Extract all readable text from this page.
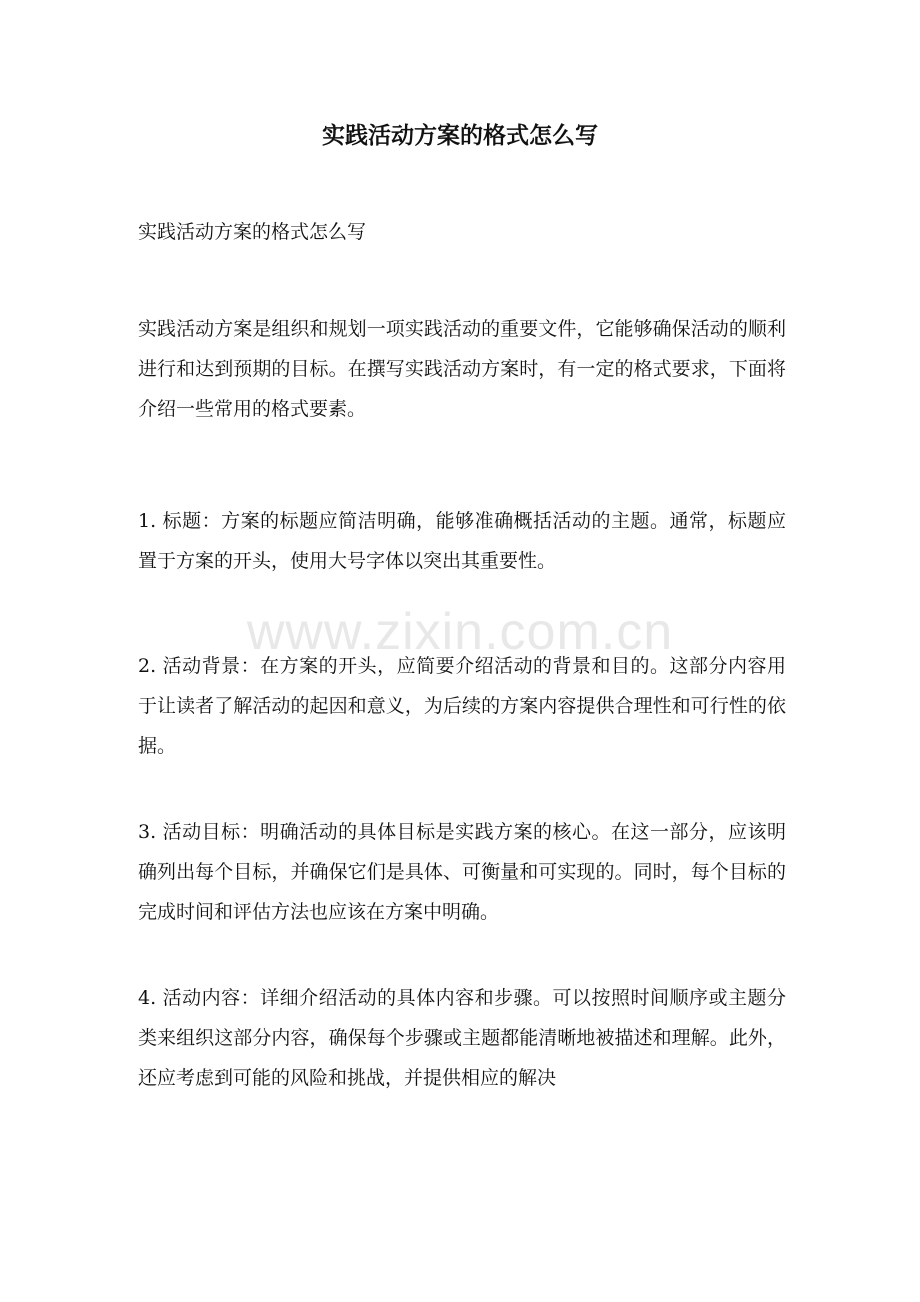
实践活动方案的格式怎么写
实践活动方案的格式怎么写
实践活动方案是组织和规划一项实践活动的重要文件，它能够确保活动的顺利进行和达到预期的目标。在撰写实践活动方案时，有一定的格式要求，下面将介绍一些常用的格式要素。
1. 标题：方案的标题应简洁明确，能够准确概括活动的主题。通常，标题应置于方案的开头，使用大号字体以突出其重要性。
2. 活动背景：在方案的开头，应简要介绍活动的背景和目的。这部分内容用于让读者了解活动的起因和意义，为后续的方案内容提供合理性和可行性的依据。
3. 活动目标：明确活动的具体目标是实践方案的核心。在这一部分，应该明确列出每个目标，并确保它们是具体、可衡量和可实现的。同时，每个目标的完成时间和评估方法也应该在方案中明确。
4. 活动内容：详细介绍活动的具体内容和步骤。可以按照时间顺序或主题分类来组织这部分内容，确保每个步骤或主题都能清晰地被描述和理解。此外，还应考虑到可能的风险和挑战，并提供相应的解决
www.zixin.com.cn
